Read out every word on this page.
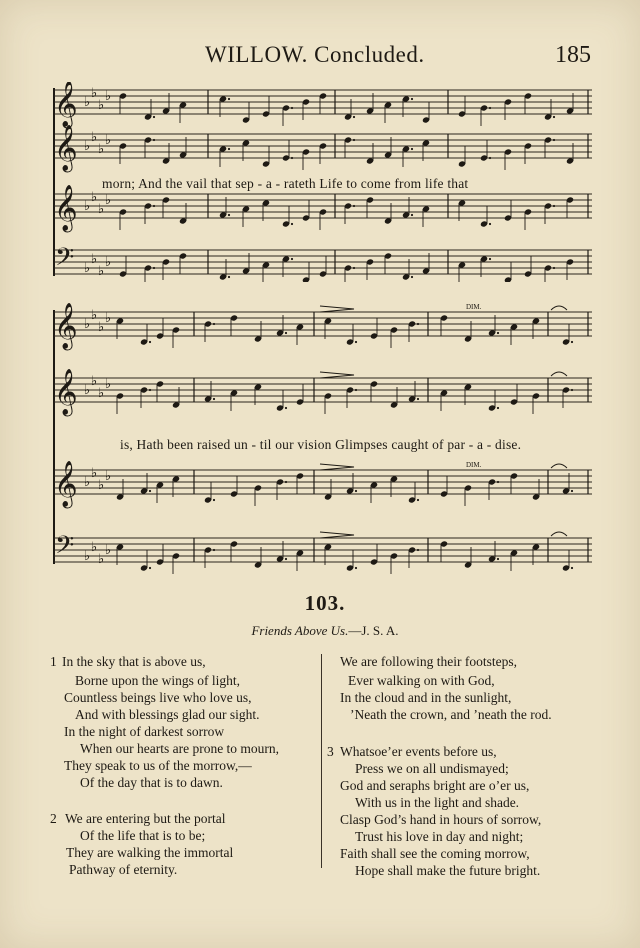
WILLOW. Concluded.	185
𝄞 ♭
♭
♭
♭
𝄞 ♭
♭
♭
♭
𝄞 ♭
♭
♭
♭
𝄢 ♭
♭
♭
♭
morn; And the vail that sep - a - rateth Life to come from life that
𝄞 ♭
♭
♭
♭
𝄞 ♭
♭
♭
♭
𝄞 ♭
♭
♭
♭
𝄢 ♭
♭
♭
♭
DIM.
DIM.
is, Hath been raised un - til our vision Glimpses caught of par - a - dise.
103.
Friends Above Us.—J. S. A.
In the sky that is above us,
1
Borne upon the wings of light,
Countless beings live who love us,
And with blessings glad our sight.
In the night of darkest sorrow
When our hearts are prone to mourn,
They speak to us of the morrow,—
Of the day that is to dawn.
We are entering but the portal
2
Of the life that is to be;
They are walking the immortal
Pathway of eternity.
We are following their footsteps,
Ever walking on with God,
In the cloud and in the sunlight,
’Neath the crown, and ’neath the rod.
Whatsoe’er events before us,
3
Press we on all undismayed;
God and seraphs bright are o’er us,
With us in the light and shade.
Clasp God’s hand in hours of sorrow,
Trust his love in day and night;
Faith shall see the coming morrow,
Hope shall make the future bright.
